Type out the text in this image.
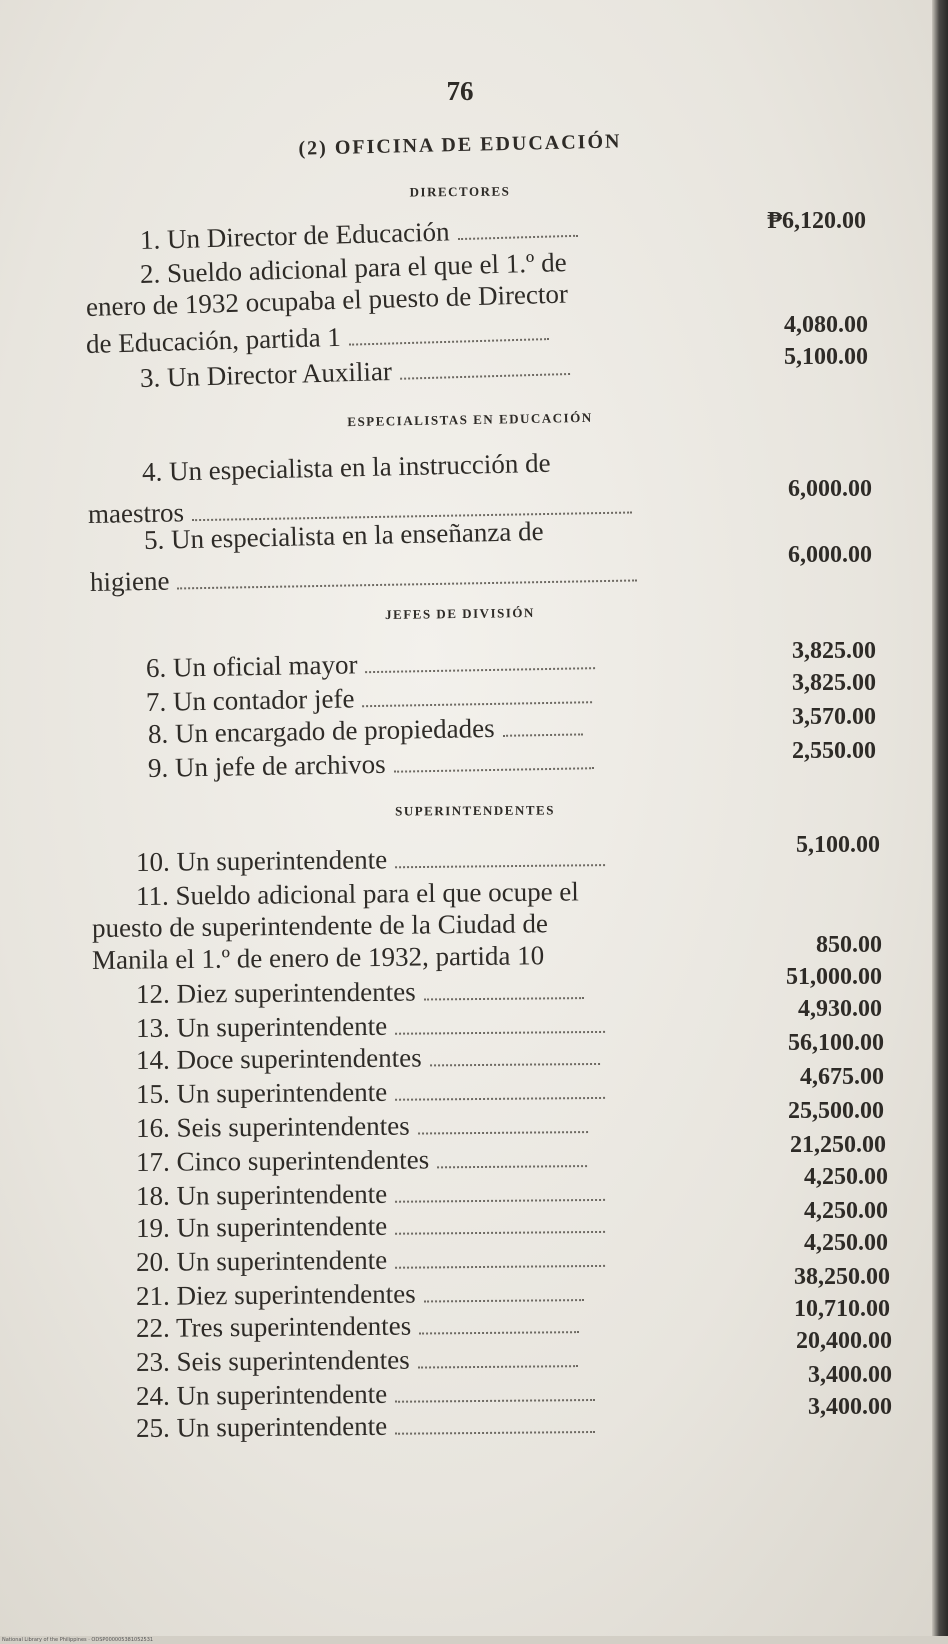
76
(2) OFICINA DE EDUCACIÓN
DIRECTORES
1. Un Director de Educación
2. Sueldo adicional para el que el 1.º de
enero de 1932 ocupaba el puesto de Director
de Educación, partida 1
3. Un Director Auxiliar
₱6,120.00
4,080.00
5,100.00
ESPECIALISTAS EN EDUCACIÓN
4. Un especialista en la instrucción de
maestros
5. Un especialista en la enseñanza de
higiene
6,000.00
6,000.00
JEFES DE DIVISIÓN
6. Un oficial mayor
7. Un contador jefe
8. Un encargado de propiedades
9. Un jefe de archivos
3,825.00
3,825.00
3,570.00
2,550.00
SUPERINTENDENTES
10. Un superintendente
11. Sueldo adicional para el que ocupe el
puesto de superintendente de la Ciudad de
Manila el 1.º de enero de 1932, partida 10
12. Diez superintendentes
13. Un superintendente
14. Doce superintendentes
15. Un superintendente
16. Seis superintendentes
17. Cinco superintendentes
18. Un superintendente
19. Un superintendente
20. Un superintendente
21. Diez superintendentes
22. Tres superintendentes
23. Seis superintendentes
24. Un superintendente
25. Un superintendente
5,100.00
850.00
51,000.00
4,930.00
56,100.00
4,675.00
25,500.00
21,250.00
4,250.00
4,250.00
4,250.00
38,250.00
10,710.00
20,400.00
3,400.00
3,400.00
National Library of the Philippines · ODSP000005381052531
